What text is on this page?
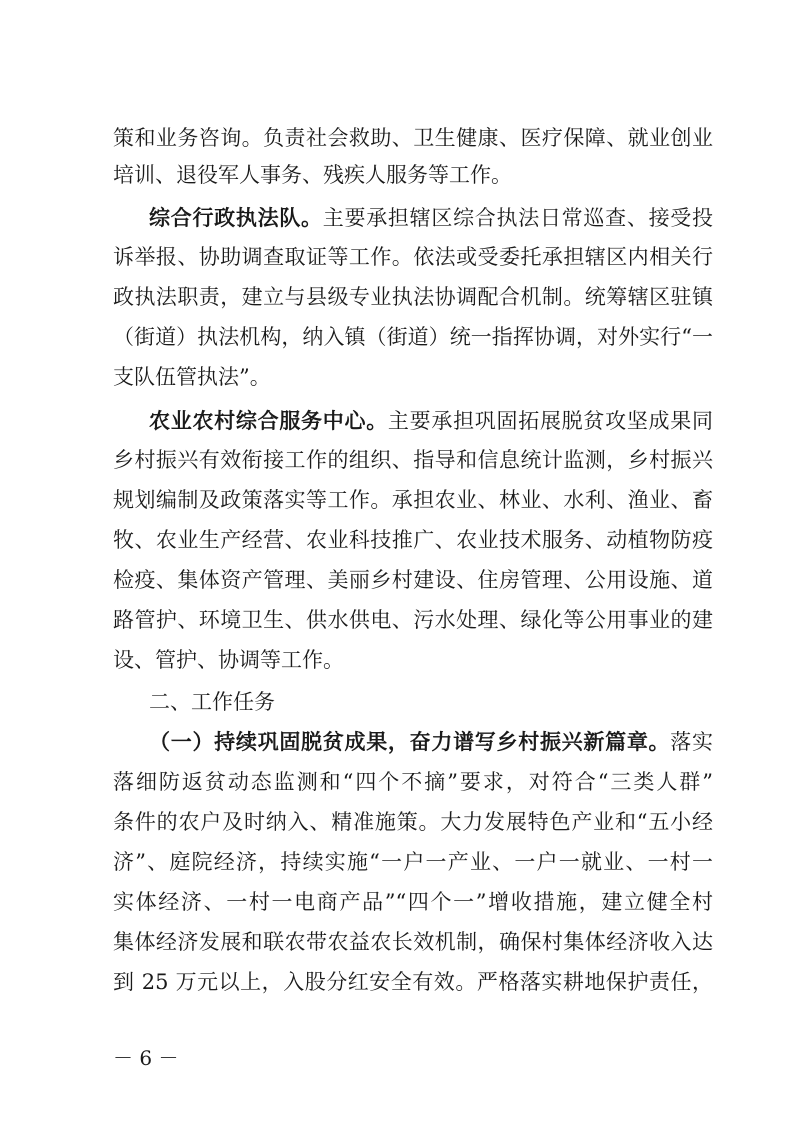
策和业务咨询。负责社会救助、卫生健康、医疗保障、就业创业
培训、退役军人事务、残疾人服务等工作。
综合行政执法队。主要承担辖区综合执法日常巡查、接受投
诉举报、协助调查取证等工作。依法或受委托承担辖区内相关行
政执法职责，建立与县级专业执法协调配合机制。统筹辖区驻镇
（街道）执法机构，纳入镇（街道）统一指挥协调，对外实行“一
支队伍管执法”。
农业农村综合服务中心。主要承担巩固拓展脱贫攻坚成果同
乡村振兴有效衔接工作的组织、指导和信息统计监测，乡村振兴
规划编制及政策落实等工作。承担农业、林业、水利、渔业、畜
牧、农业生产经营、农业科技推广、农业技术服务、动植物防疫
检疫、集体资产管理、美丽乡村建设、住房管理、公用设施、道
路管护、环境卫生、供水供电、污水处理、绿化等公用事业的建
设、管护、协调等工作。
二、工作任务
（一）持续巩固脱贫成果，奋力谱写乡村振兴新篇章。落实
落细防返贫动态监测和“四个不摘”要求，对符合“三类人群”
条件的农户及时纳入、精准施策。大力发展特色产业和“五小经
济”、庭院经济，持续实施“一户一产业、一户一就业、一村一
实体经济、一村一电商产品”“四个一”增收措施，建立健全村
集体经济发展和联农带农益农长效机制，确保村集体经济收入达
到 25 万元以上，入股分红安全有效。严格落实耕地保护责任，
－ 6 －
